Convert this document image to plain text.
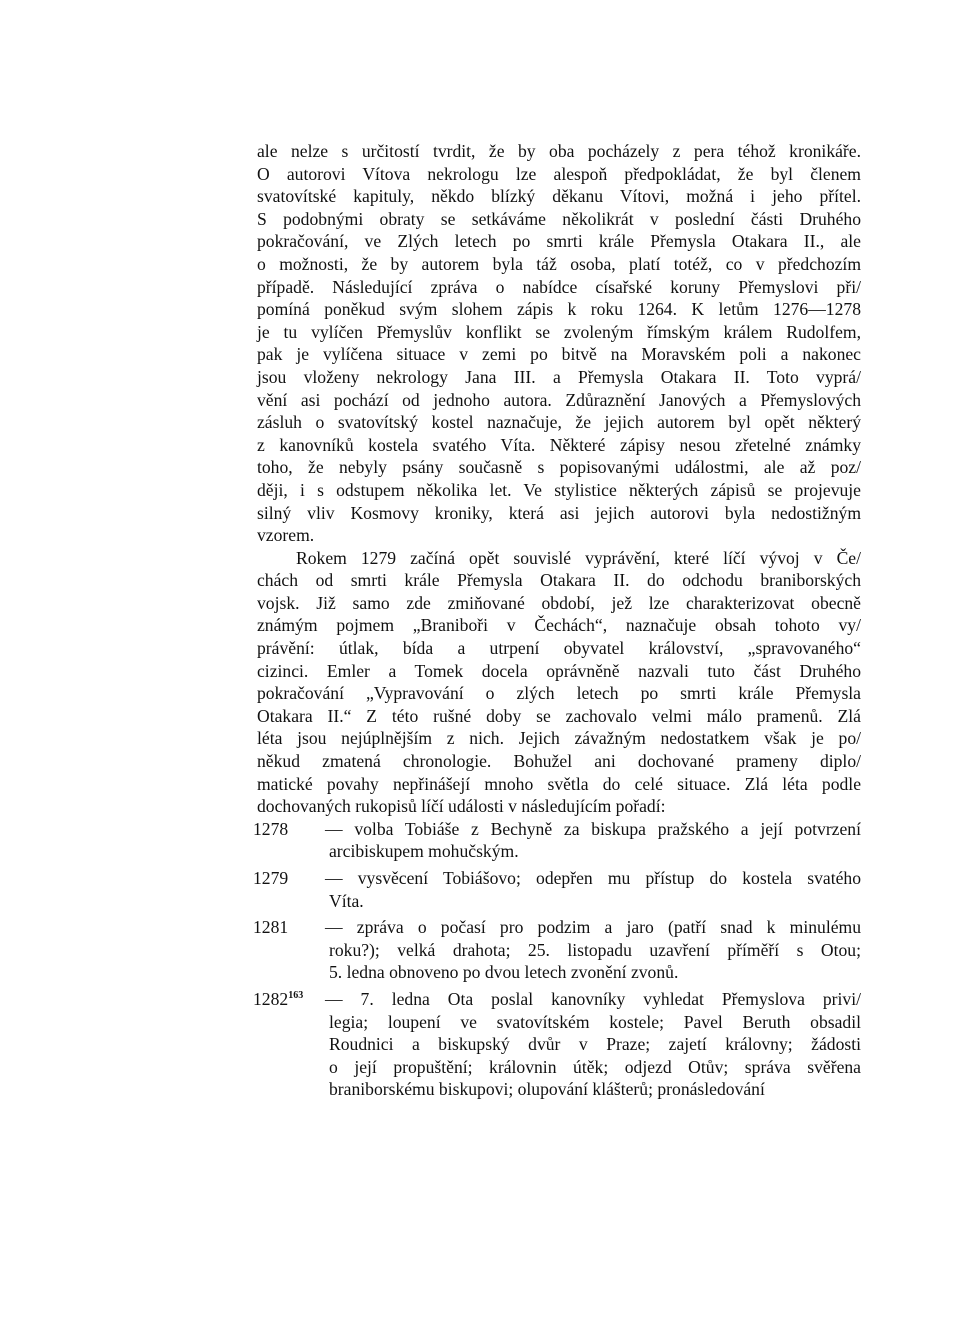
ale nelze s určitostí tvrdit, že by oba pocházely z pera téhož kronikáře.
O autorovi Vítova nekrologu lze alespoň předpokládat, že byl členem
svatovítské kapituly, někdo blízký děkanu Vítovi, možná i jeho přítel.
S podobnými obraty se setkáváme několikrát v poslední části Druhého
pokračování, ve Zlých letech po smrti krále Přemysla Otakara II., ale
o možnosti, že by autorem byla táž osoba, platí totéž, co v předchozím
případě. Následující zpráva o nabídce císařské koruny Přemyslovi při/
pomíná poněkud svým slohem zápis k roku 1264. K letům 1276—1278
je tu vylíčen Přemyslův konflikt se zvoleným římským králem Rudolfem,
pak je vylíčena situace v zemi po bitvě na Moravském poli a nakonec
jsou vloženy nekrology Jana III. a Přemysla Otakara II. Toto vyprá/
vění asi pochází od jednoho autora. Zdůraznění Janových a Přemyslových
zásluh o svatovítský kostel naznačuje, že jejich autorem byl opět některý
z kanovníků kostela svatého Víta. Některé zápisy nesou zřetelné známky
toho, že nebyly psány současně s popisovanými událostmi, ale až poz/
ději, i s odstupem několika let. Ve stylistice některých zápisů se projevuje
silný vliv Kosmovy kroniky, která asi jejich autorovi byla nedostižným
vzorem.
Rokem 1279 začíná opět souvislé vyprávění, které líčí vývoj v Če/
chách od smrti krále Přemysla Otakara II. do odchodu braniborských
vojsk. Již samo zde zmiňované období, jež lze charakterizovat obecně
známým pojmem „Braniboři v Čechách“, naznačuje obsah tohoto vy/
právění: útlak, bída a utrpení obyvatel království, „spravovaného“
cizinci. Emler a Tomek docela oprávněně nazvali tuto část Druhého
pokračování „Vypravování o zlých letech po smrti krále Přemysla
Otakara II.“ Z této rušné doby se zachovalo velmi málo pramenů. Zlá
léta jsou nejúplnějším z nich. Jejich závažným nedostatkem však je po/
někud zmatená chronologie. Bohužel ani dochované prameny diplo/
matické povahy nepřinášejí mnoho světla do celé situace. Zlá léta podle
dochovaných rukopisů líčí události v následujícím pořadí:
1278	— volba Tobiáše z Bechyně za biskupa pražského a její potvrzení
arcibiskupem mohučským.
1279	— vysvěcení Tobiášovo; odepřen mu přístup do kostela svatého
Víta.
1281	— zpráva o počasí pro podzim a jaro (patří snad k minulému
roku?); velká drahota; 25. listopadu uzavření příměří s Otou;
5. ledna obnoveno po dvou letech zvonění zvonů.
1282$^{163}$	— 7. ledna Ota poslal kanovníky vyhledat Přemyslova privi/
legia; loupení ve svatovítském kostele; Pavel Beruth obsadil
Roudnici a biskupský dvůr v Praze; zajetí královny; žádosti
o její propuštění; královnin útěk; odjezd Otův; správa svěřena
braniborskému biskupovi; olupování klášterů; pronásledování
